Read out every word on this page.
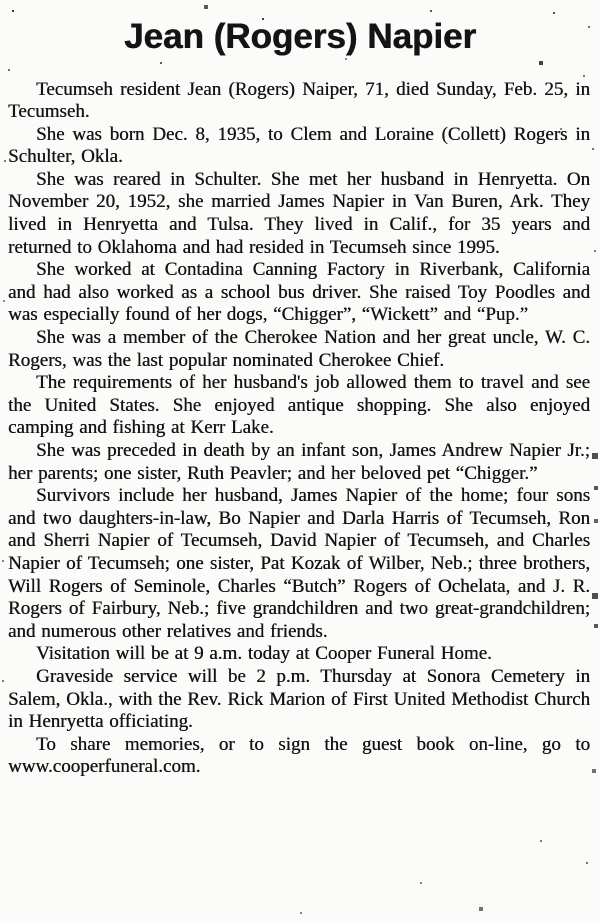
Jean (Rogers) Napier

Tecumseh resident Jean (Rogers) Naiper, 71, died Sunday, Feb. 25, in Tecumseh.

She was born Dec. 8, 1935, to Clem and Loraine (Collett) Rogers in Schulter, Okla.

She was reared in Schulter. She met her husband in Henryetta. On November 20, 1952, she married James Napier in Van Buren, Ark. They lived in Henryetta and Tulsa. They lived in Calif., for 35 years and returned to Oklahoma and had resided in Tecumseh since 1995.

She worked at Contadina Canning Factory in Riverbank, California and had also worked as a school bus driver. She raised Toy Poodles and was especially found of her dogs, “Chigger”, “Wickett” and “Pup.”

She was a member of the Cherokee Nation and her great uncle, W. C. Rogers, was the last popular nominated Cherokee Chief.

The requirements of her husband's job allowed them to travel and see the United States. She enjoyed antique shopping. She also enjoyed camping and fishing at Kerr Lake.

She was preceded in death by an infant son, James Andrew Napier Jr.; her parents; one sister, Ruth Peavler; and her beloved pet “Chigger.”

Survivors include her husband, James Napier of the home; four sons and two daughters-in-law, Bo Napier and Darla Harris of Tecumseh, Ron and Sherri Napier of Tecumseh, David Napier of Tecumseh, and Charles Napier of Tecumseh; one sister, Pat Kozak of Wilber, Neb.; three brothers, Will Rogers of Seminole, Charles “Butch” Rogers of Ochelata, and J. R. Rogers of Fairbury, Neb.; five grandchildren and two great-grandchildren; and numerous other relatives and friends.

Visitation will be at 9 a.m. today at Cooper Funeral Home.

Graveside service will be 2 p.m. Thursday at Sonora Cemetery in Salem, Okla., with the Rev. Rick Marion of First United Methodist Church in Henryetta officiating.

To share memories, or to sign the guest book on-line, go to www.cooperfuneral.com.
